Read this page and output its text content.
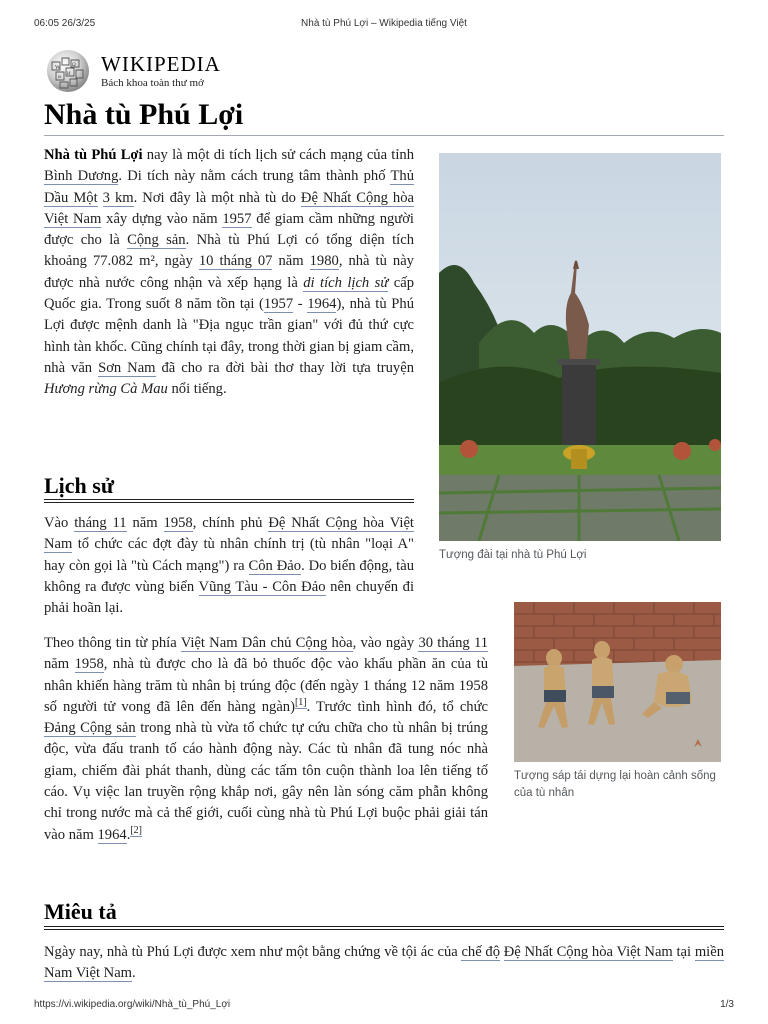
06:05 26/3/25	Nhà tù Phú Lợi – Wikipedia tiếng Việt
W Ω
И
ω
WIKIPEDIA
Bách khoa toàn thư mở
Nhà tù Phú Lợi

Nhà tù Phú Lợi nay là một di tích lịch sử cách mạng của tỉnh Bình Dương. Di tích này nằm cách trung tâm thành phố Thủ Dầu Một 3 km. Nơi đây là một nhà tù do Đệ Nhất Cộng hòa Việt Nam xây dựng vào năm 1957 để giam cầm những người được cho là Cộng sản. Nhà tù Phú Lợi có tổng diện tích khoảng 77.082 m², ngày 10 tháng 07 năm 1980, nhà tù này được nhà nước công nhận và xếp hạng là di tích lịch sử cấp Quốc gia. Trong suốt 8 năm tồn tại (1957 - 1964), nhà tù Phú Lợi được mệnh danh là "Địa ngục trần gian" với đủ thứ cực hình tàn khốc. Cũng chính tại đây, trong thời gian bị giam cầm, nhà văn Sơn Nam đã cho ra đời bài thơ thay lời tựa truyện Hương rừng Cà Mau nổi tiếng.

Tượng đài tại nhà tù Phú Lợi
Lịch sử

Vào tháng 11 năm 1958, chính phủ Đệ Nhất Cộng hòa Việt Nam tổ chức các đợt đày tù nhân chính trị (tù nhân "loại A" hay còn gọi là "tù Cách mạng") ra Côn Đảo. Do biển động, tàu không ra được vùng biển Vũng Tàu - Côn Đảo nên chuyến đi phải hoãn lại.

Tượng sáp tái dựng lại hoàn cảnh sống của tù nhân

Theo thông tin từ phía Việt Nam Dân chủ Cộng hòa, vào ngày 30 tháng 11 năm 1958, nhà tù được cho là đã bỏ thuốc độc vào khẩu phần ăn của tù nhân khiến hàng trăm tù nhân bị trúng độc (đến ngày 1 tháng 12 năm 1958 số người tử vong đã lên đến hàng ngàn)[1]. Trước tình hình đó, tổ chức Đảng Cộng sản trong nhà tù vừa tổ chức tự cứu chữa cho tù nhân bị trúng độc, vừa đấu tranh tố cáo hành động này. Các tù nhân đã tung nóc nhà giam, chiếm đài phát thanh, dùng các tấm tôn cuộn thành loa lên tiếng tố cáo. Vụ việc lan truyền rộng khắp nơi, gây nên làn sóng căm phẫn không chỉ trong nước mà cả thế giới, cuối cùng nhà tù Phú Lợi buộc phải giải tán vào năm 1964.[2]

Miêu tả

Ngày nay, nhà tù Phú Lợi được xem như một bằng chứng về tội ác của chế độ Đệ Nhất Cộng hòa Việt Nam tại miền Nam Việt Nam.

https://vi.wikipedia.org/wiki/Nhà_tù_Phú_Lợi	1/3
